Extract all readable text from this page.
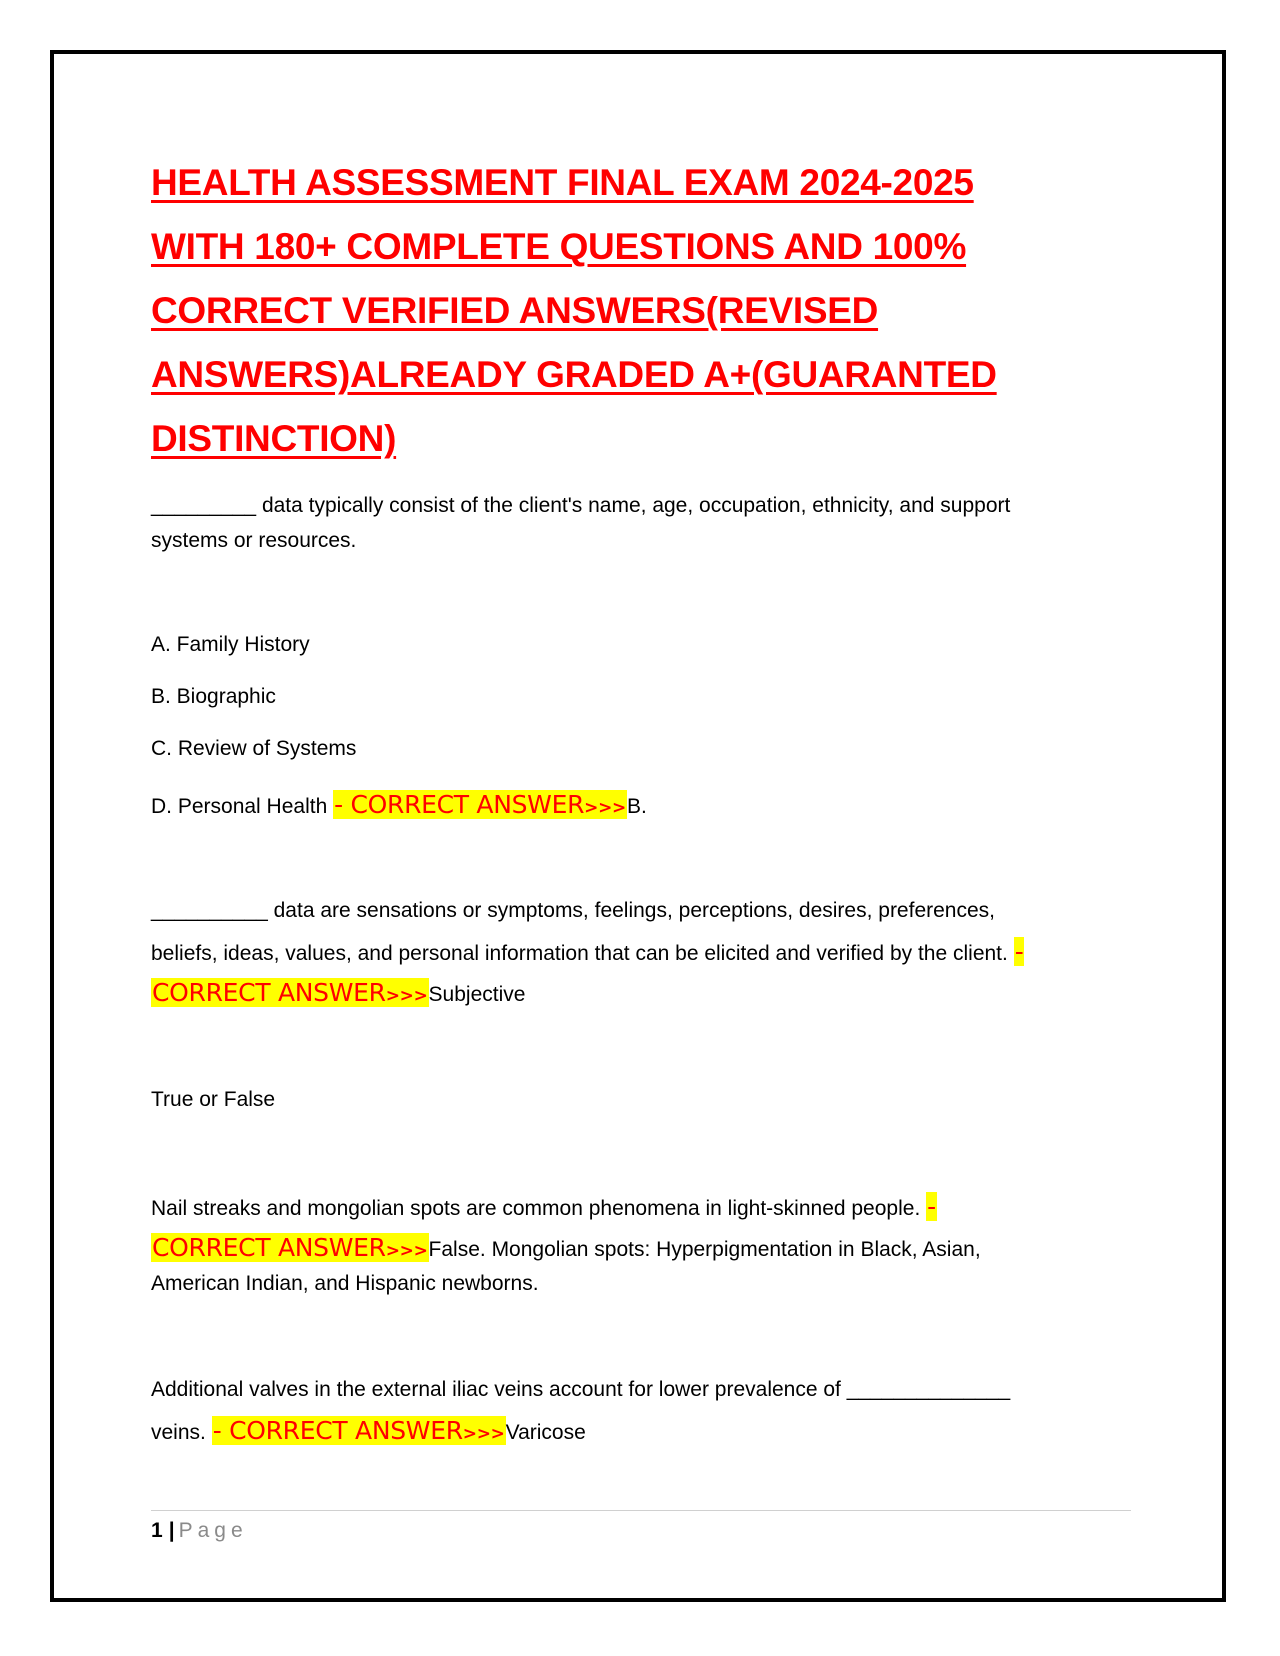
HEALTH ASSESSMENT FINAL EXAM 2024-2025
WITH 180+ COMPLETE QUESTIONS AND 100%
CORRECT VERIFIED ANSWERS(REVISED
ANSWERS)ALREADY GRADED A+(GUARANTED
DISTINCTION)

_________ data typically consist of the client's name, age, occupation, ethnicity, and support

systems or resources.

A. Family History

B. Biographic

C. Review of Systems

D. Personal Health - CORRECT ANSWER>>>B.

__________ data are sensations or symptoms, feelings, perceptions, desires, preferences,

beliefs, ideas, values, and personal information that can be elicited and verified by the client. -

CORRECT ANSWER>>>Subjective

True or False

Nail streaks and mongolian spots are common phenomena in light-skinned people. -

CORRECT ANSWER>>>False. Mongolian spots: Hyperpigmentation in Black, Asian,

American Indian, and Hispanic newborns.

Additional valves in the external iliac veins account for lower prevalence of ______________

veins. - CORRECT ANSWER>>>Varicose

1 | Page
